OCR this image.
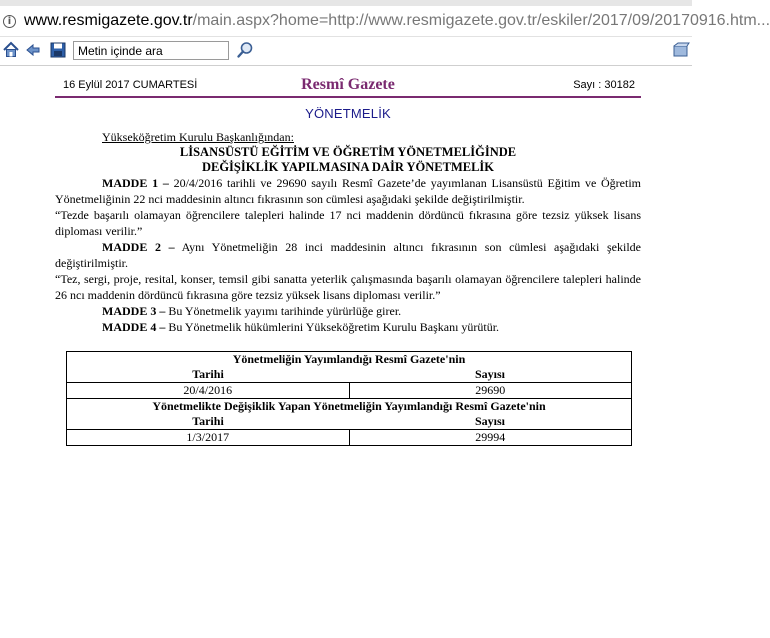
i www.resmigazete.gov.tr/main.aspx?home=http://www.resmigazete.gov.tr/eskiler/2017/09/20170916.htm...
Metin içinde ara
16 Eylül 2017 CUMARTESİ	Resmî Gazete	Sayı : 30182
YÖNETMELİK
Yükseköğretim Kurulu Başkanlığından:
LİSANSÜSTÜ EĞİTİM VE ÖĞRETİM YÖNETMELİĞİNDE
DEĞİŞİKLİK YAPILMASINA DAİR YÖNETMELİK

MADDE 1 – 20/4/2016 tarihli ve 29690 sayılı Resmî Gazete’de yayımlanan Lisansüstü Eğitim ve Öğretim Yönetmeliğinin 22 nci maddesinin altıncı fıkrasının son cümlesi aşağıdaki şekilde değiştirilmiştir.

“Tezde başarılı olamayan öğrencilere talepleri halinde 17 nci maddenin dördüncü fıkrasına göre tezsiz yüksek lisans diploması verilir.”

MADDE 2 – Aynı Yönetmeliğin 28 inci maddesinin altıncı fıkrasının son cümlesi aşağıdaki şekilde değiştirilmiştir.

“Tez, sergi, proje, resital, konser, temsil gibi sanatta yeterlik çalışmasında başarılı olamayan öğrencilere talepleri halinde 26 ncı maddenin dördüncü fıkrasına göre tezsiz yüksek lisans diploması verilir.”

MADDE 3 – Bu Yönetmelik yayımı tarihinde yürürlüğe girer.

MADDE 4 – Bu Yönetmelik hükümlerini Yükseköğretim Kurulu Başkanı yürütür.

Yönetmeliğin Yayımlandığı Resmî Gazete'nin
Tarihi	Sayısı

20/4/2016	29690

Yönetmelikte Değişiklik Yapan Yönetmeliğin Yayımlandığı Resmî Gazete'nin
Tarihi	Sayısı

1/3/2017	29994
